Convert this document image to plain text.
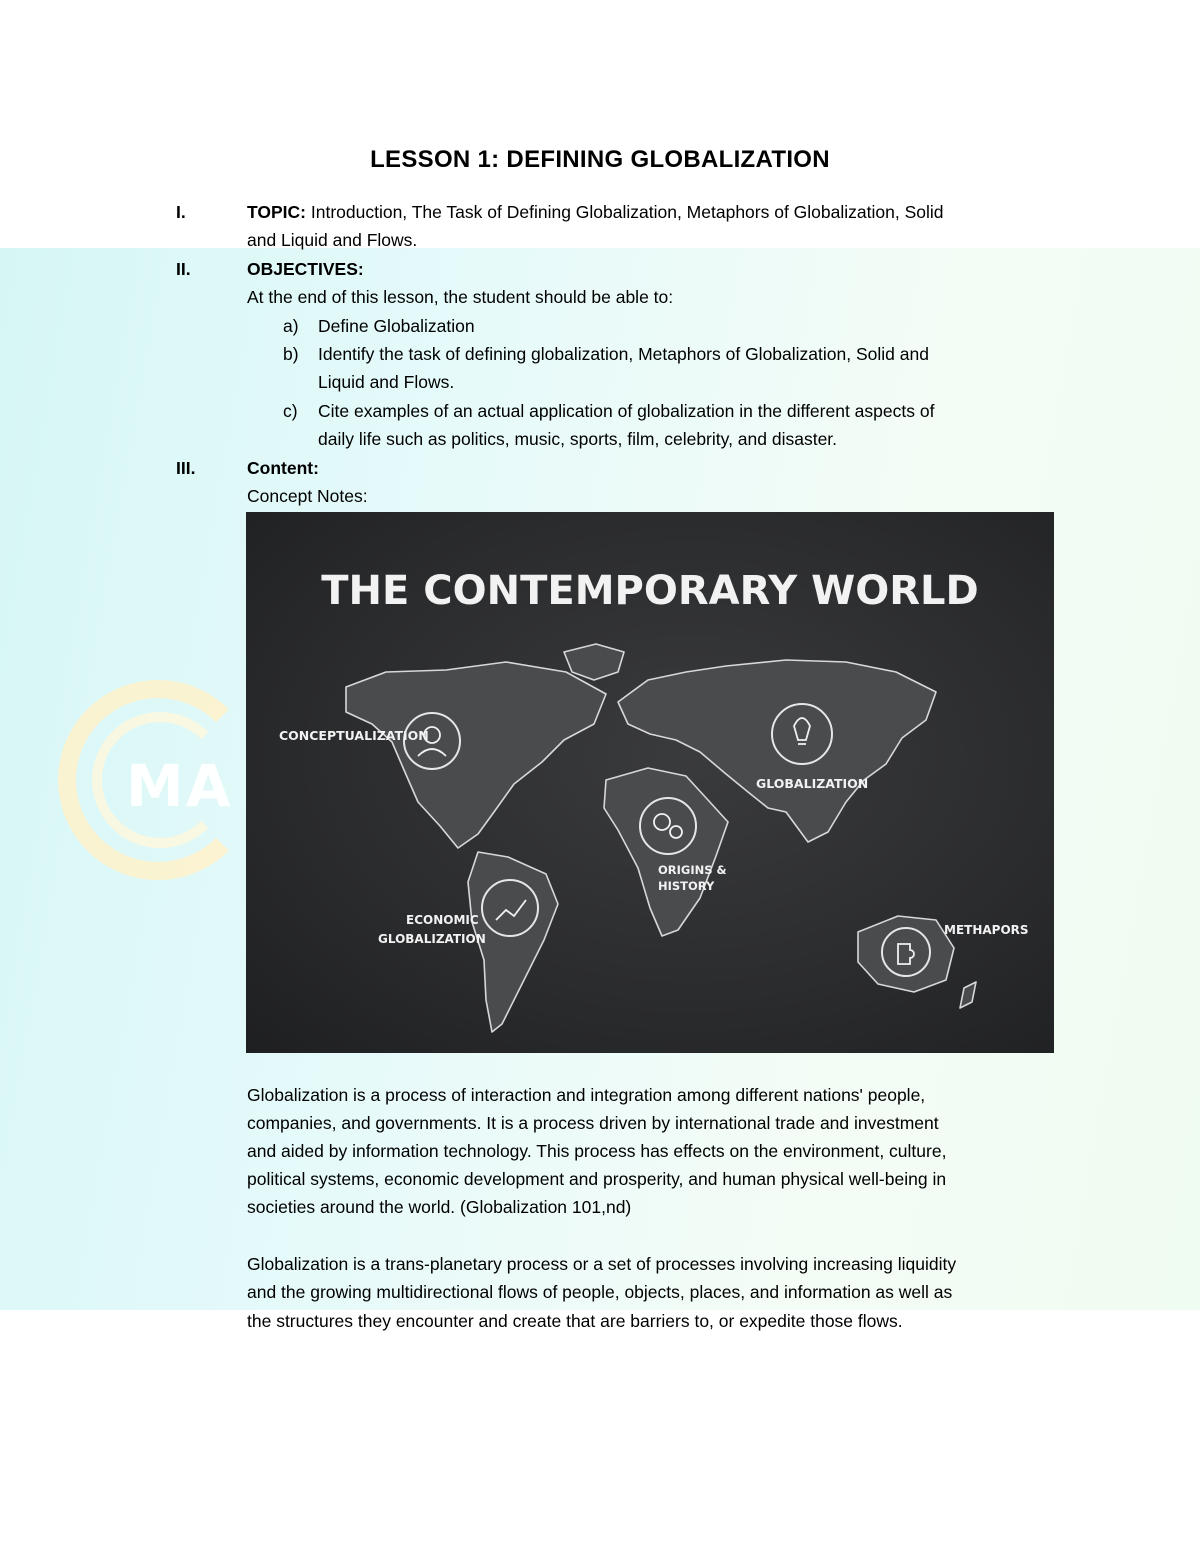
MA
LESSON 1: DEFINING GLOBALIZATION
I.	TOPIC: Introduction, The Task of Defining Globalization, Metaphors of Globalization, Solid
and Liquid and Flows.
II.	OBJECTIVES:
At the end of this lesson, the student should be able to:
a) Define Globalization
b) Identify the task of defining globalization, Metaphors of Globalization, Solid and
Liquid and Flows.
c) Cite examples of an actual application of globalization in the different aspects of
daily life such as politics, music, sports, film, celebrity, and disaster.
III.	Content:
Concept Notes:
THE CONTEMPORARY WORLD
CONCEPTUALIZATION
GLOBALIZATION
ORIGINS &
HISTORY
ECONOMIC
GLOBALIZATION
METHAPORS
Globalization is a process of interaction and integration among different nations' people,
companies, and governments. It is a process driven by international trade and investment
and aided by information technology. This process has effects on the environment, culture,
political systems, economic development and prosperity, and human physical well-being in
societies around the world. (Globalization 101,nd)
Globalization is a trans-planetary process or a set of processes involving increasing liquidity
and the growing multidirectional flows of people, objects, places, and information as well as
the structures they encounter and create that are barriers to, or expedite those flows.
